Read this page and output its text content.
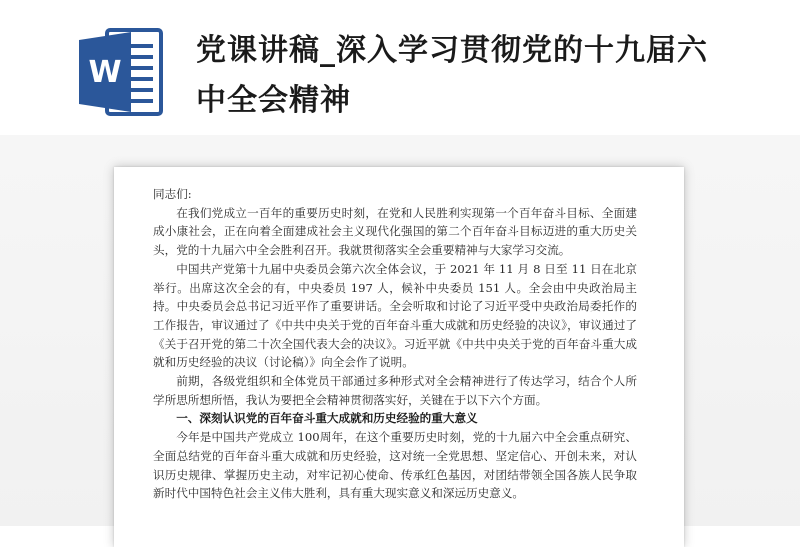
W
党课讲稿_深入学习贯彻党的十九届六中全会精神

同志们:

在我们党成立一百年的重要历史时刻，在党和人民胜利实现第一个百年奋斗目标、全面建成小康社会，正在向着全面建成社会主义现代化强国的第二个百年奋斗目标迈进的重大历史关头，党的十九届六中全会胜利召开。我就贯彻落实全会重要精神与大家学习交流。

中国共产党第十九届中央委员会第六次全体会议，于 2021 年 11 月 8 日至 11 日在北京举行。出席这次全会的有，中央委员 197 人，候补中央委员 151 人。全会由中央政治局主持。中央委员会总书记习近平作了重要讲话。全会听取和讨论了习近平受中央政治局委托作的工作报告，审议通过了《中共中央关于党的百年奋斗重大成就和历史经验的决议》，审议通过了《关于召开党的第二十次全国代表大会的决议》。习近平就《中共中央关于党的百年奋斗重大成就和历史经验的决议（讨论稿）》向全会作了说明。

前期，各级党组织和全体党员干部通过多种形式对全会精神进行了传达学习，结合个人所学所思所想所悟，我认为要把全会精神贯彻落实好，关键在于以下六个方面。

一、深刻认识党的百年奋斗重大成就和历史经验的重大意义

今年是中国共产党成立 100周年，在这个重要历史时刻，党的十九届六中全会重点研究、全面总结党的百年奋斗重大成就和历史经验，这对统一全党思想、坚定信心、开创未来，对认识历史规律、掌握历史主动，对牢记初心使命、传承红色基因，对团结带领全国各族人民争取新时代中国特色社会主义伟大胜利，具有重大现实意义和深远历史意义。
